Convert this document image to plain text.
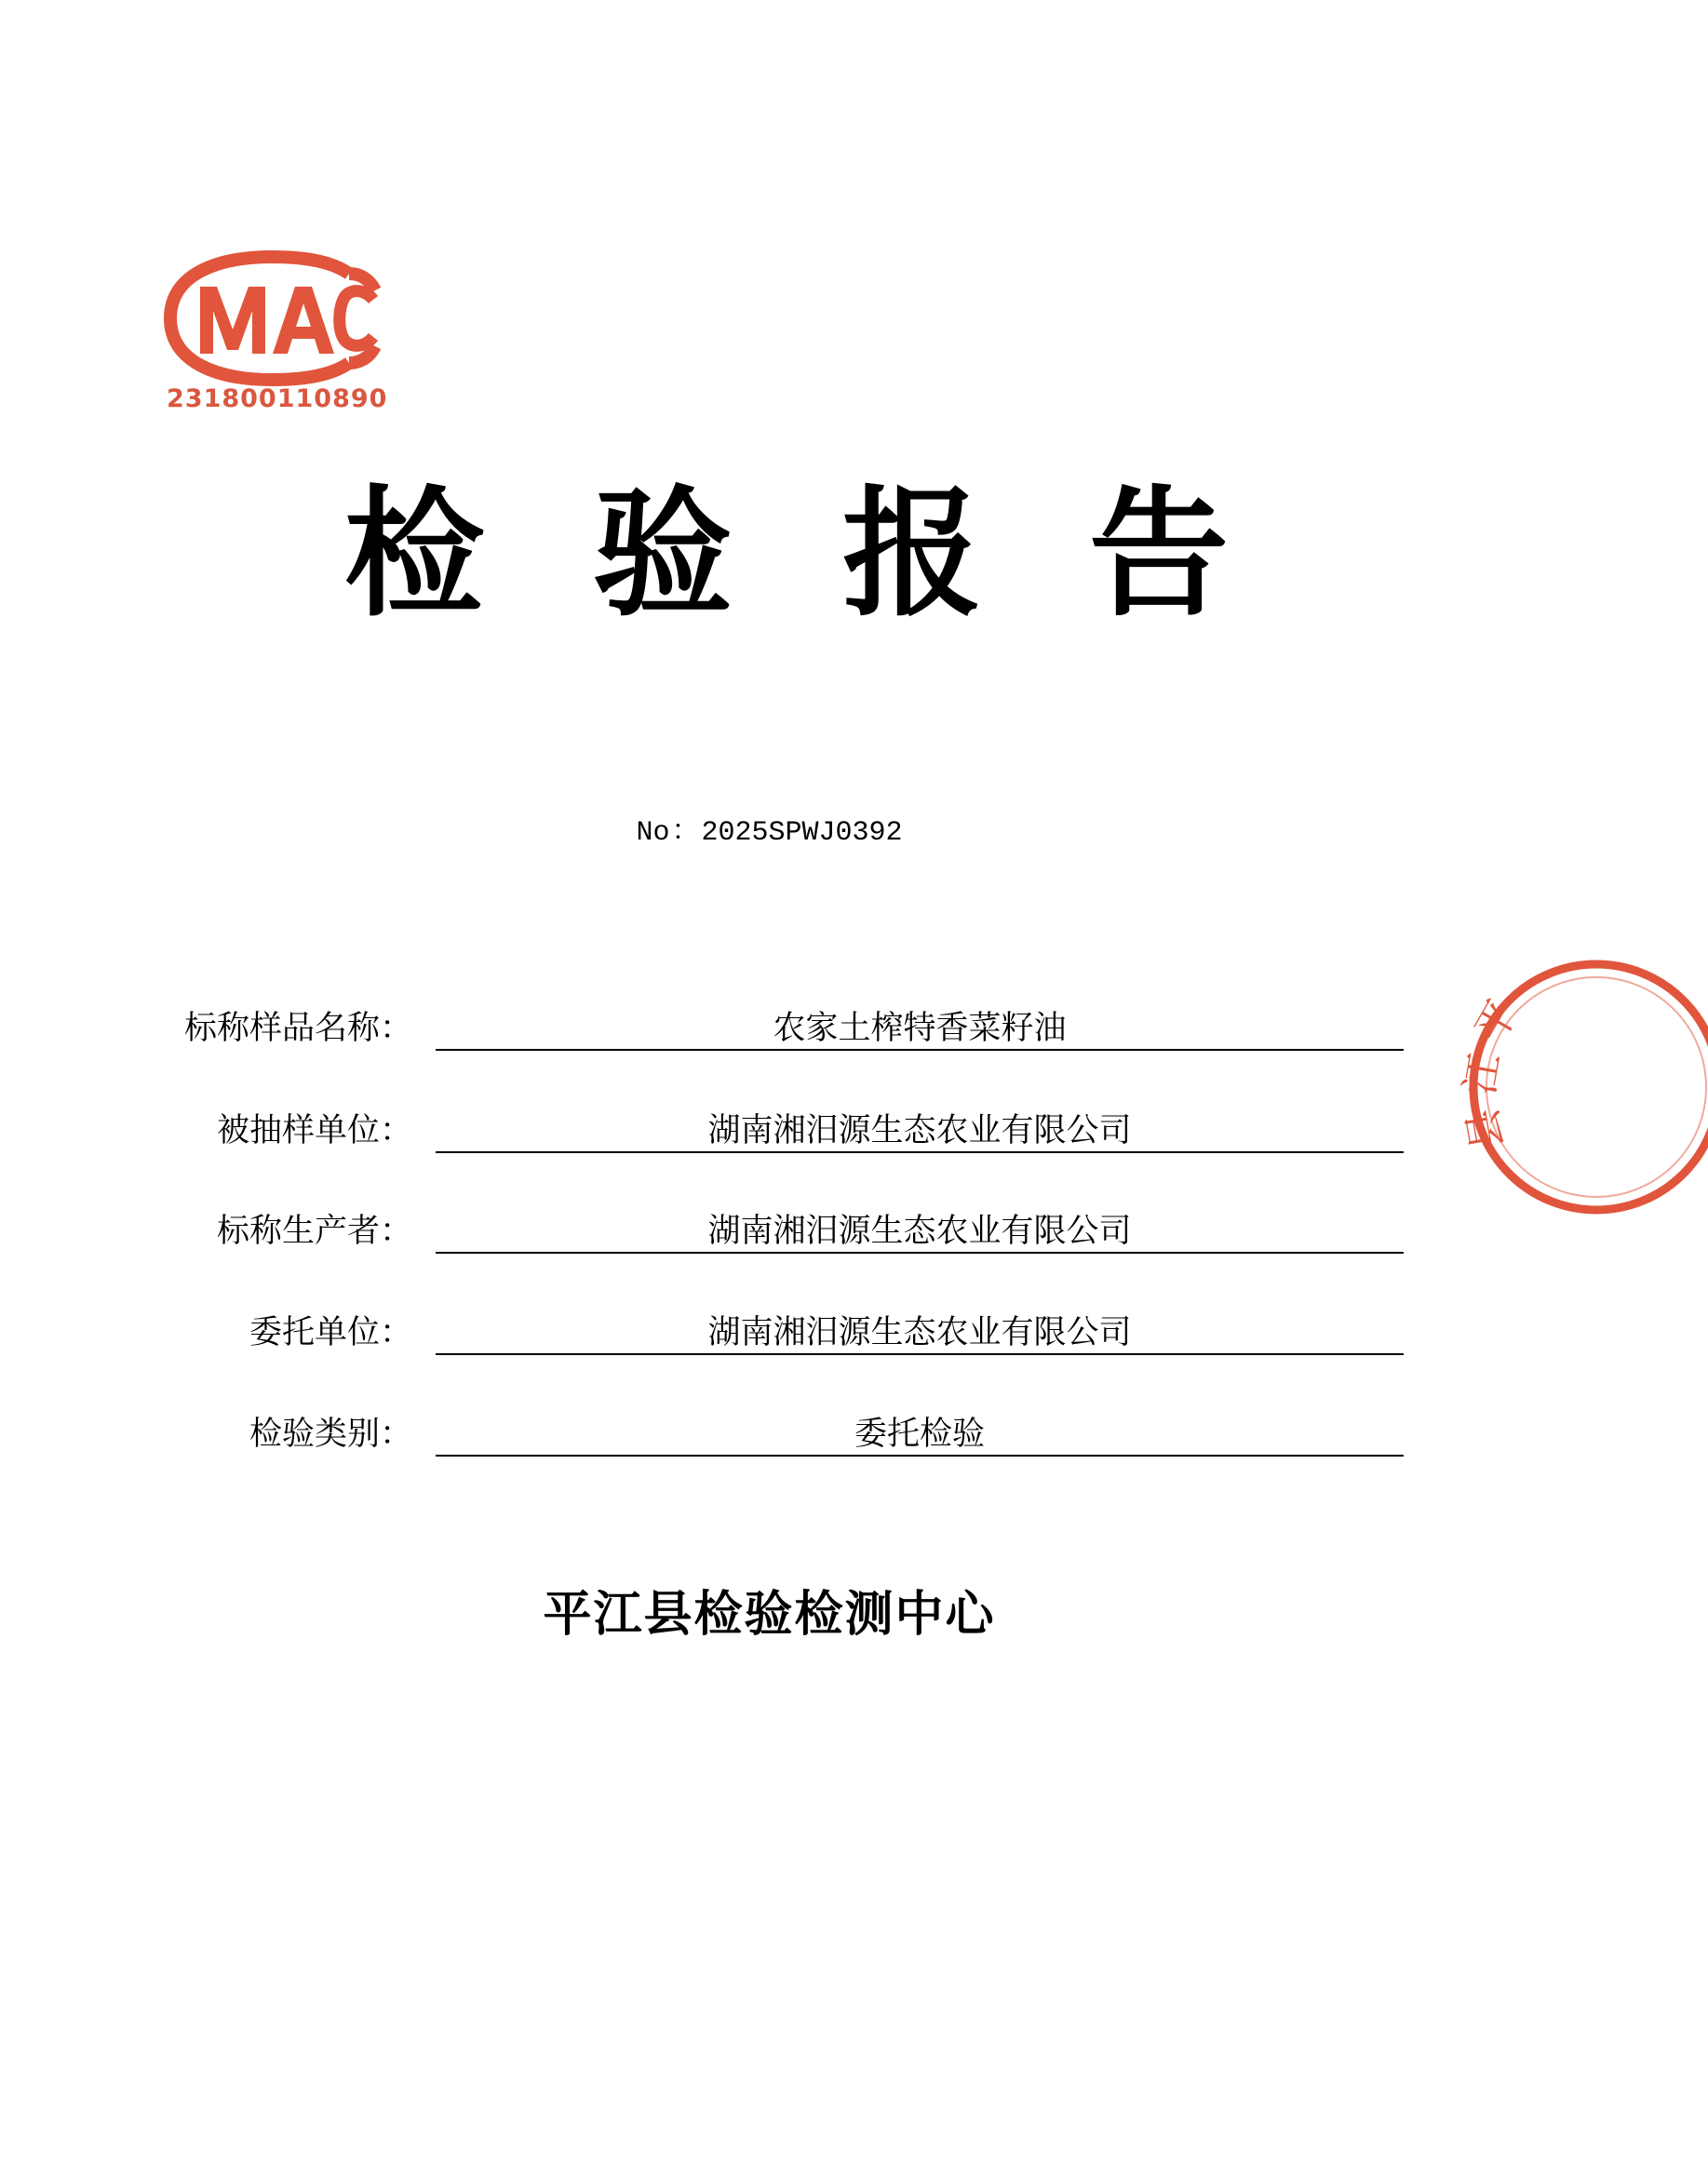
231800110890
检 验 报 告
No：2025SPWJ0392
标称样品名称：	农家土榨特香菜籽油
被抽样单位：	湖南湘汨源生态农业有限公司
标称生产者：	湖南湘汨源生态农业有限公司
委托单位：	湖南湘汨源生态农业有限公司
检验类别：	委托检验
平江县检验检测中心
平
江
县
